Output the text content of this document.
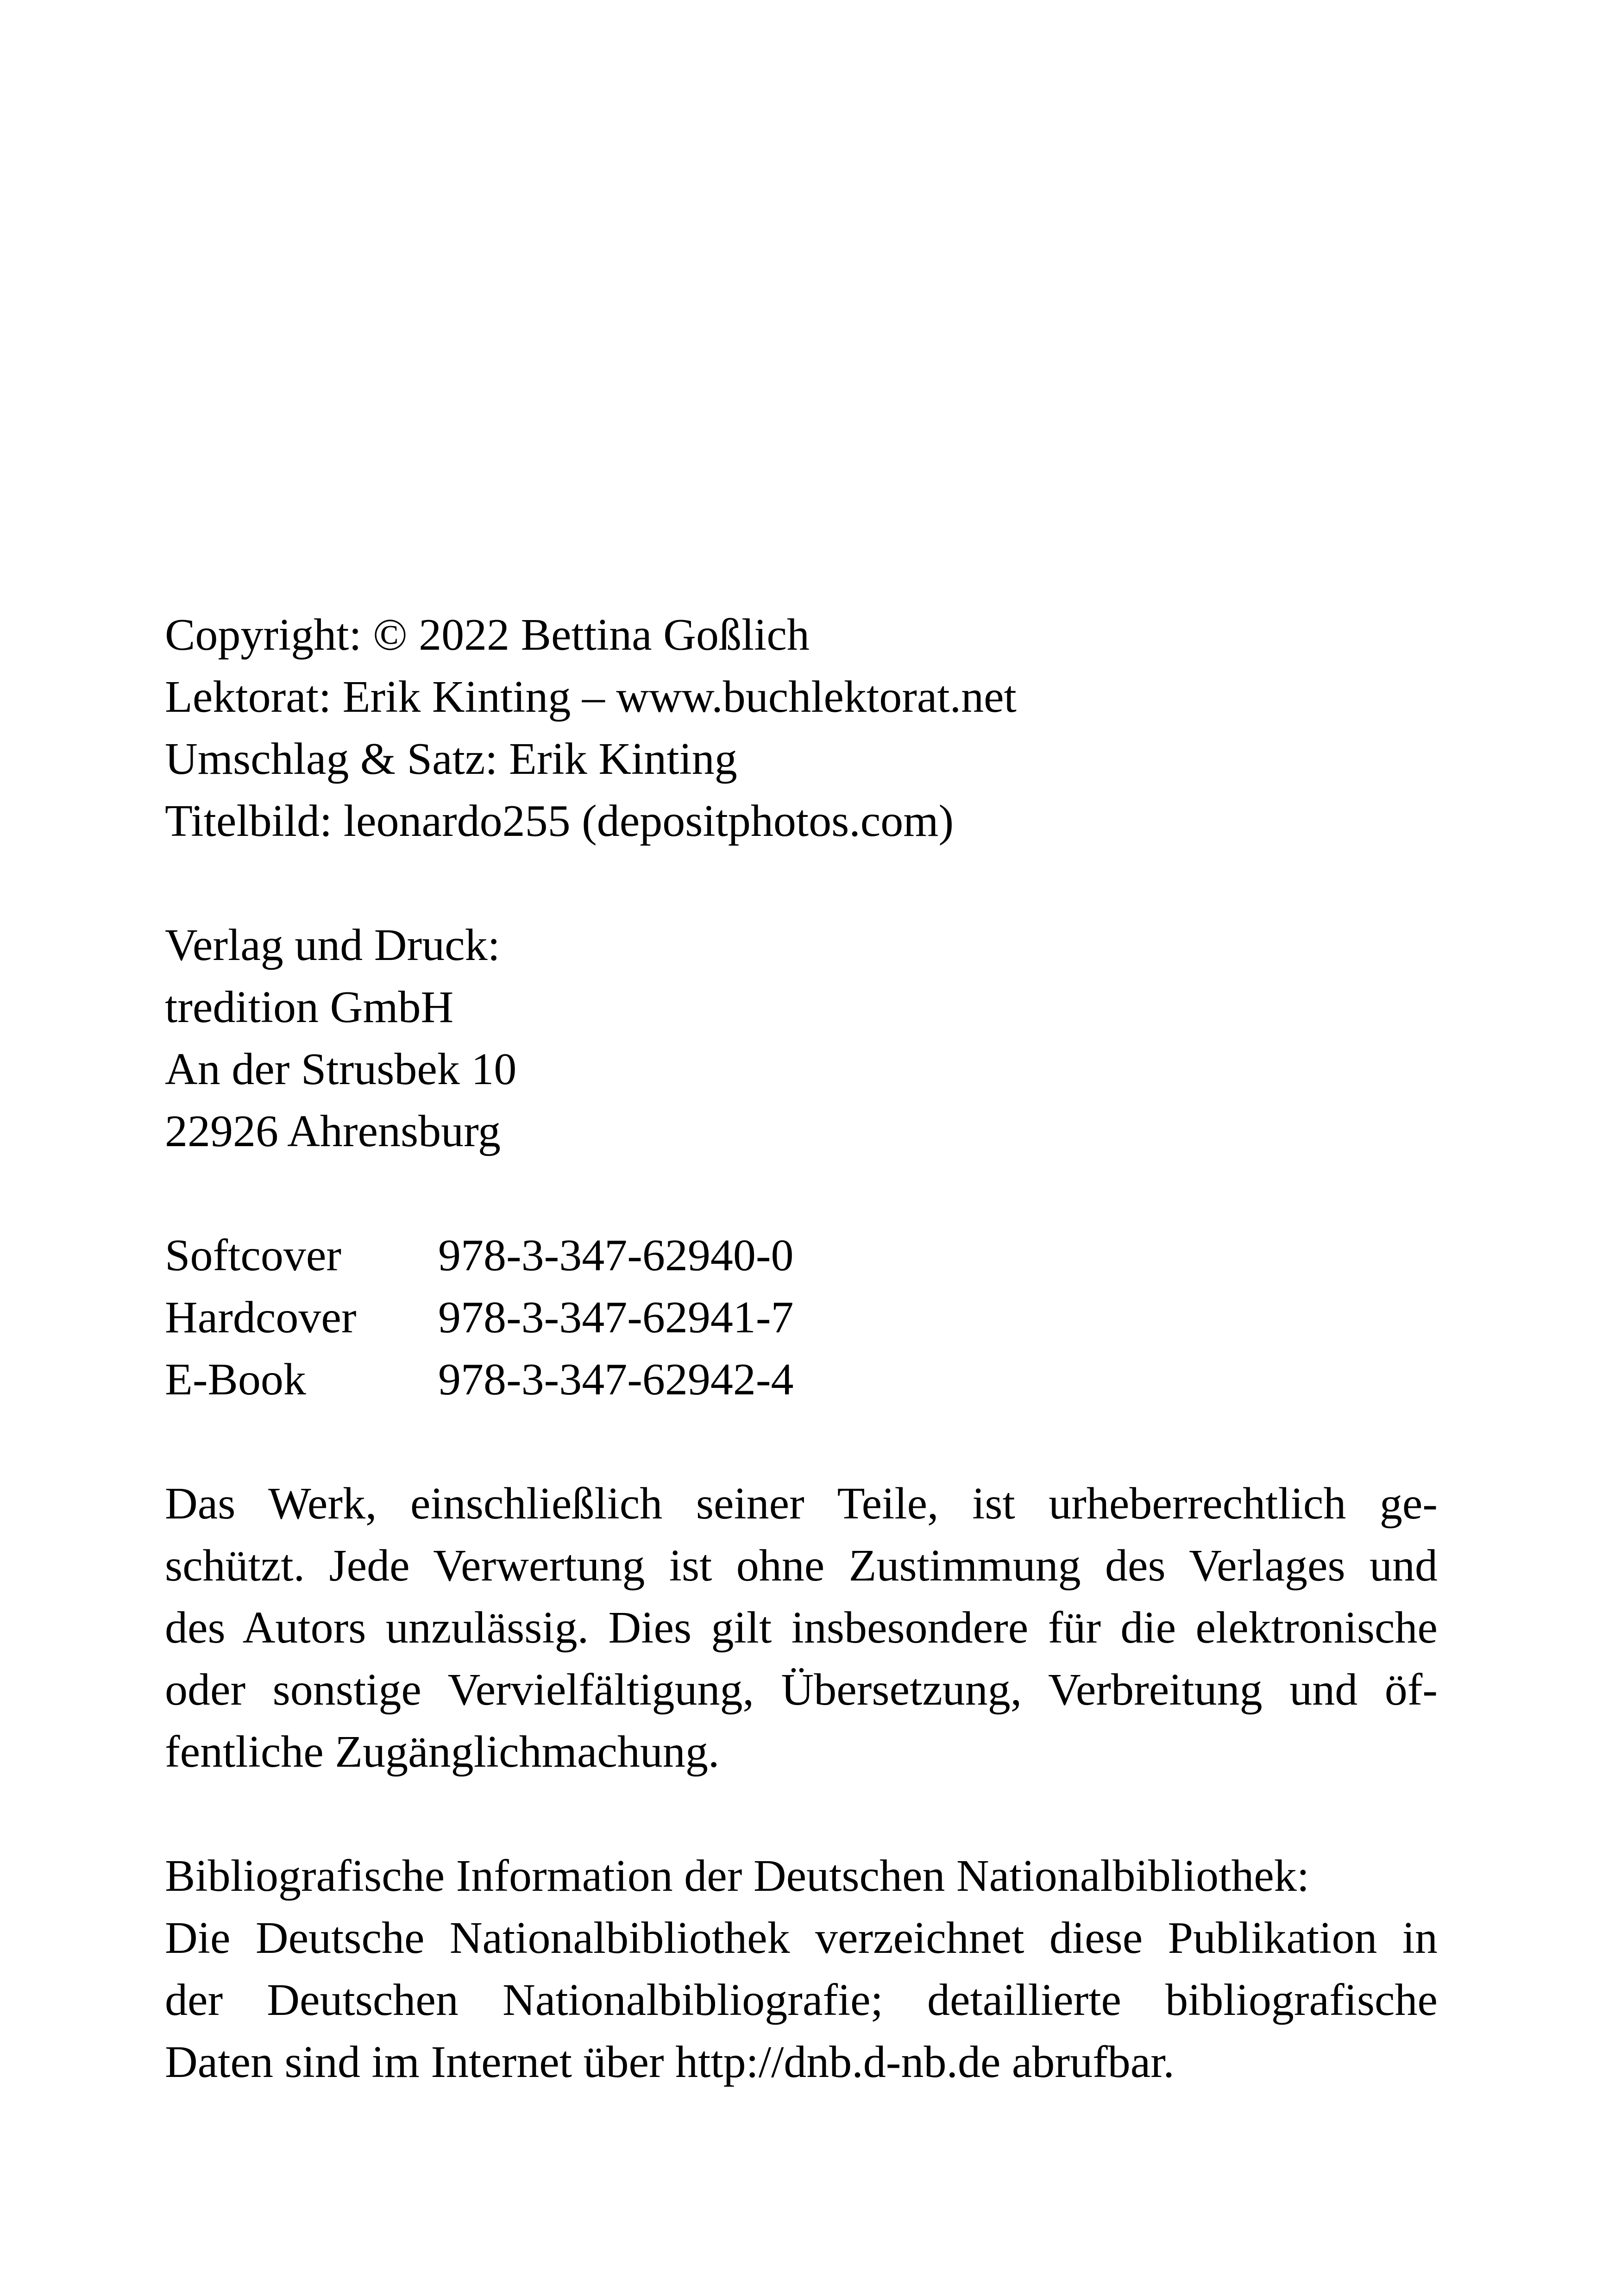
Copyright: © 2022 Bettina Goßlich
Lektorat: Erik Kinting – www.buchlektorat.net
Umschlag & Satz: Erik Kinting
Titelbild: leonardo255 (depositphotos.com)
Verlag und Druck:
tredition GmbH
An der Strusbek 10
22926 Ahrensburg
Softcover	978-3-347-62940-0
Hardcover	978-3-347-62941-7
E-Book	978-3-347-62942-4
Das Werk, einschließlich seiner Teile, ist urheberrechtlich ge-
schützt. Jede Verwertung ist ohne Zustimmung des Verlages und
des Autors unzulässig. Dies gilt insbesondere für die elektronische
oder sonstige Vervielfältigung, Übersetzung, Verbreitung und öf-
fentliche Zugänglichmachung.
Bibliografische Information der Deutschen Nationalbibliothek:
Die Deutsche Nationalbibliothek verzeichnet diese Publikation in
der Deutschen Nationalbibliografie; detaillierte bibliografische
Daten sind im Internet über http://dnb.d-nb.de abrufbar.
